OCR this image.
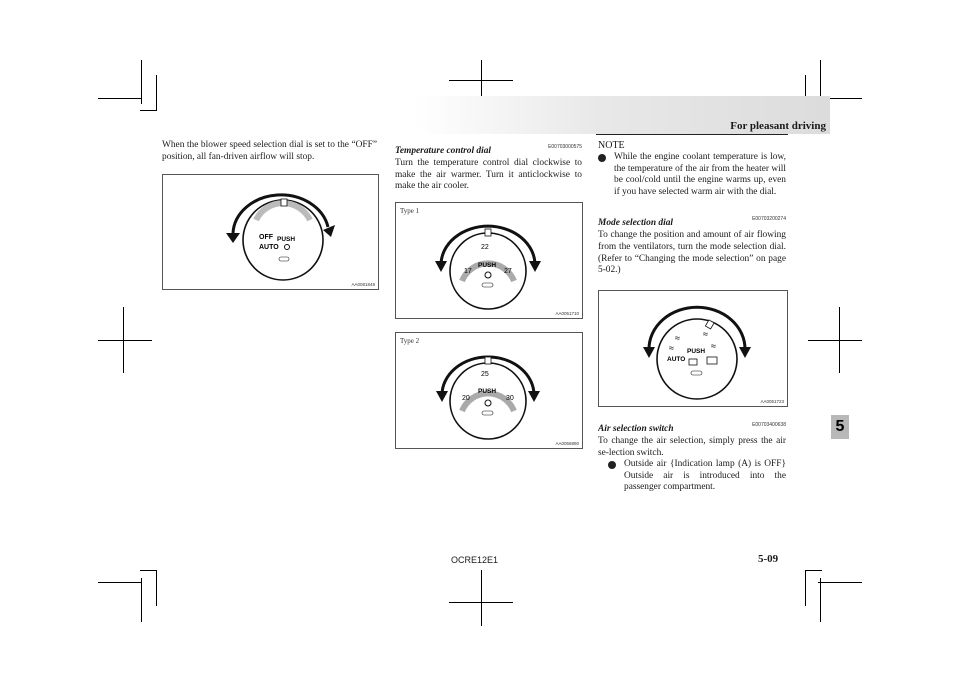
For pleasant driving
5

When the blower speed selection dial is set to the “OFF” position, all fan-driven airflow will stop.

OFF
AUTO
PUSH
AA0081849
Temperature control dial	E00703000575

Turn the temperature control dial clockwise to make the air warmer. Turn it anticlockwise to make the air cooler.

Type 1
22
17	27
PUSH
AA0051710
Type 2
25
20	30
PUSH
AA0056890
NOTE

While the engine coolant temperature is low, the temperature of the air from the heater will be cool/cold until the engine warms up, even if you have selected warm air with the dial.

Mode selection dial	E00703200274

To change the position and amount of air flowing from the ventilators, turn the mode selection dial. (Refer to “Changing the mode selection” on page 5-02.)

≈	≈
≈	≈
AUTO
PUSH
AA0051723
Air selection switch	E00703400638

To change the air selection, simply press the air se-lection switch.

Outside air {Indication lamp (A) is OFF} Outside air is introduced into the passenger compartment.

OCRE12E1	5-09
